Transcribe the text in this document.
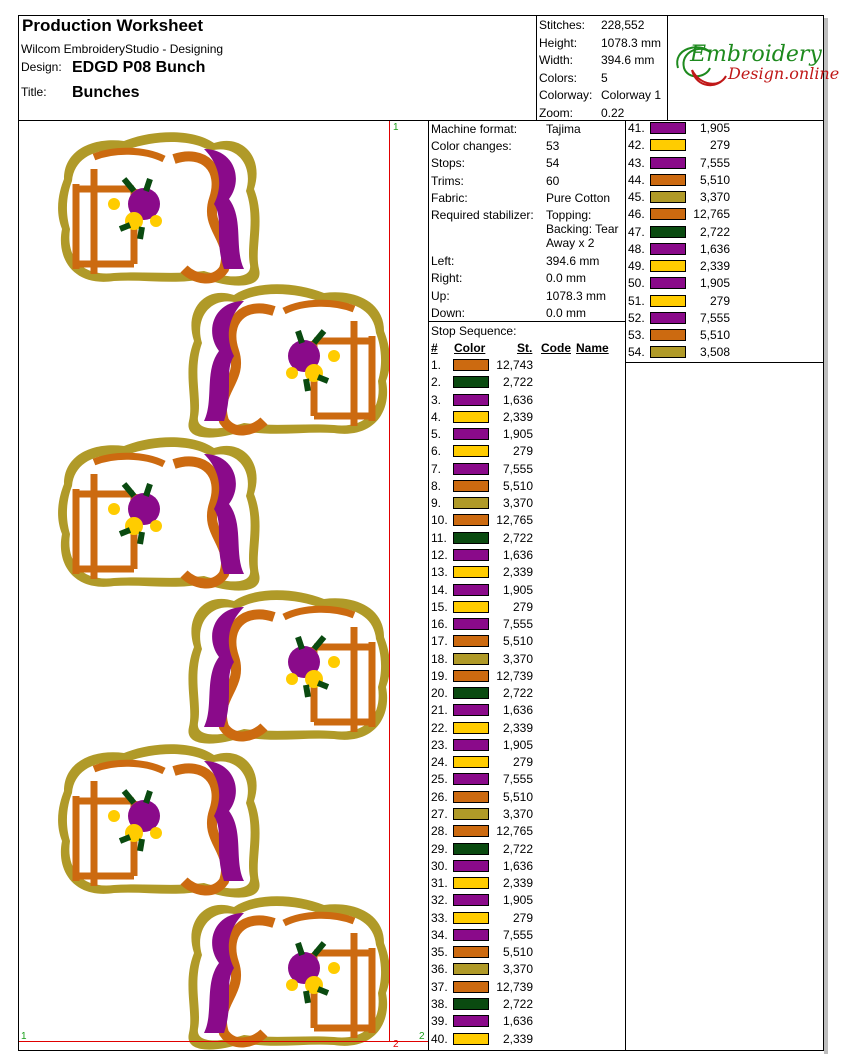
Production Worksheet
Wilcom EmbroideryStudio - Designing
Design: EDGD P08 Bunch
Title: Bunches
Stitches: 228,552
Height: 1078.3 mm
Width: 394.6 mm
Colors: 5
Colorway: Colorway 1
Zoom: 0.22
Embroidery
Design.online
1
1
2
2
Machine format: Tajima
Color changes:	53
Stops:	54
Trims:	60
Fabric:	Pure Cotton
Required stabilizer: Topping:
Backing: Tear
Away x 2
Left:	394.6 mm
Right:	0.0 mm
Up:	1078.3 mm
Down:	0.0 mm
Stop Sequence:
# Color	St. Code Name
1.	12,743
2.	2,722
3.	1,636
4.	2,339
5.	1,905
6.	279
7.	7,555
8.	5,510
9.	3,370
10.	12,765
11.	2,722
12.	1,636
13.	2,339
14.	1,905
15.	279
16.	7,555
17.	5,510
18.	3,370
19.	12,739
20.	2,722
21.	1,636
22.	2,339
23.	1,905
24.	279
25.	7,555
26.	5,510
27.	3,370
28.	12,765
29.	2,722
30.	1,636
31.	2,339
32.	1,905
33.	279
34.	7,555
35.	5,510
36.	3,370
37.	12,739
38.	2,722
39.	1,636
40.	2,339
41.	1,905
42.	279
43.	7,555
44.	5,510
45.	3,370
46.	12,765
47.	2,722
48.	1,636
49.	2,339
50.	1,905
51.	279
52.	7,555
53.	5,510
54.	3,508
